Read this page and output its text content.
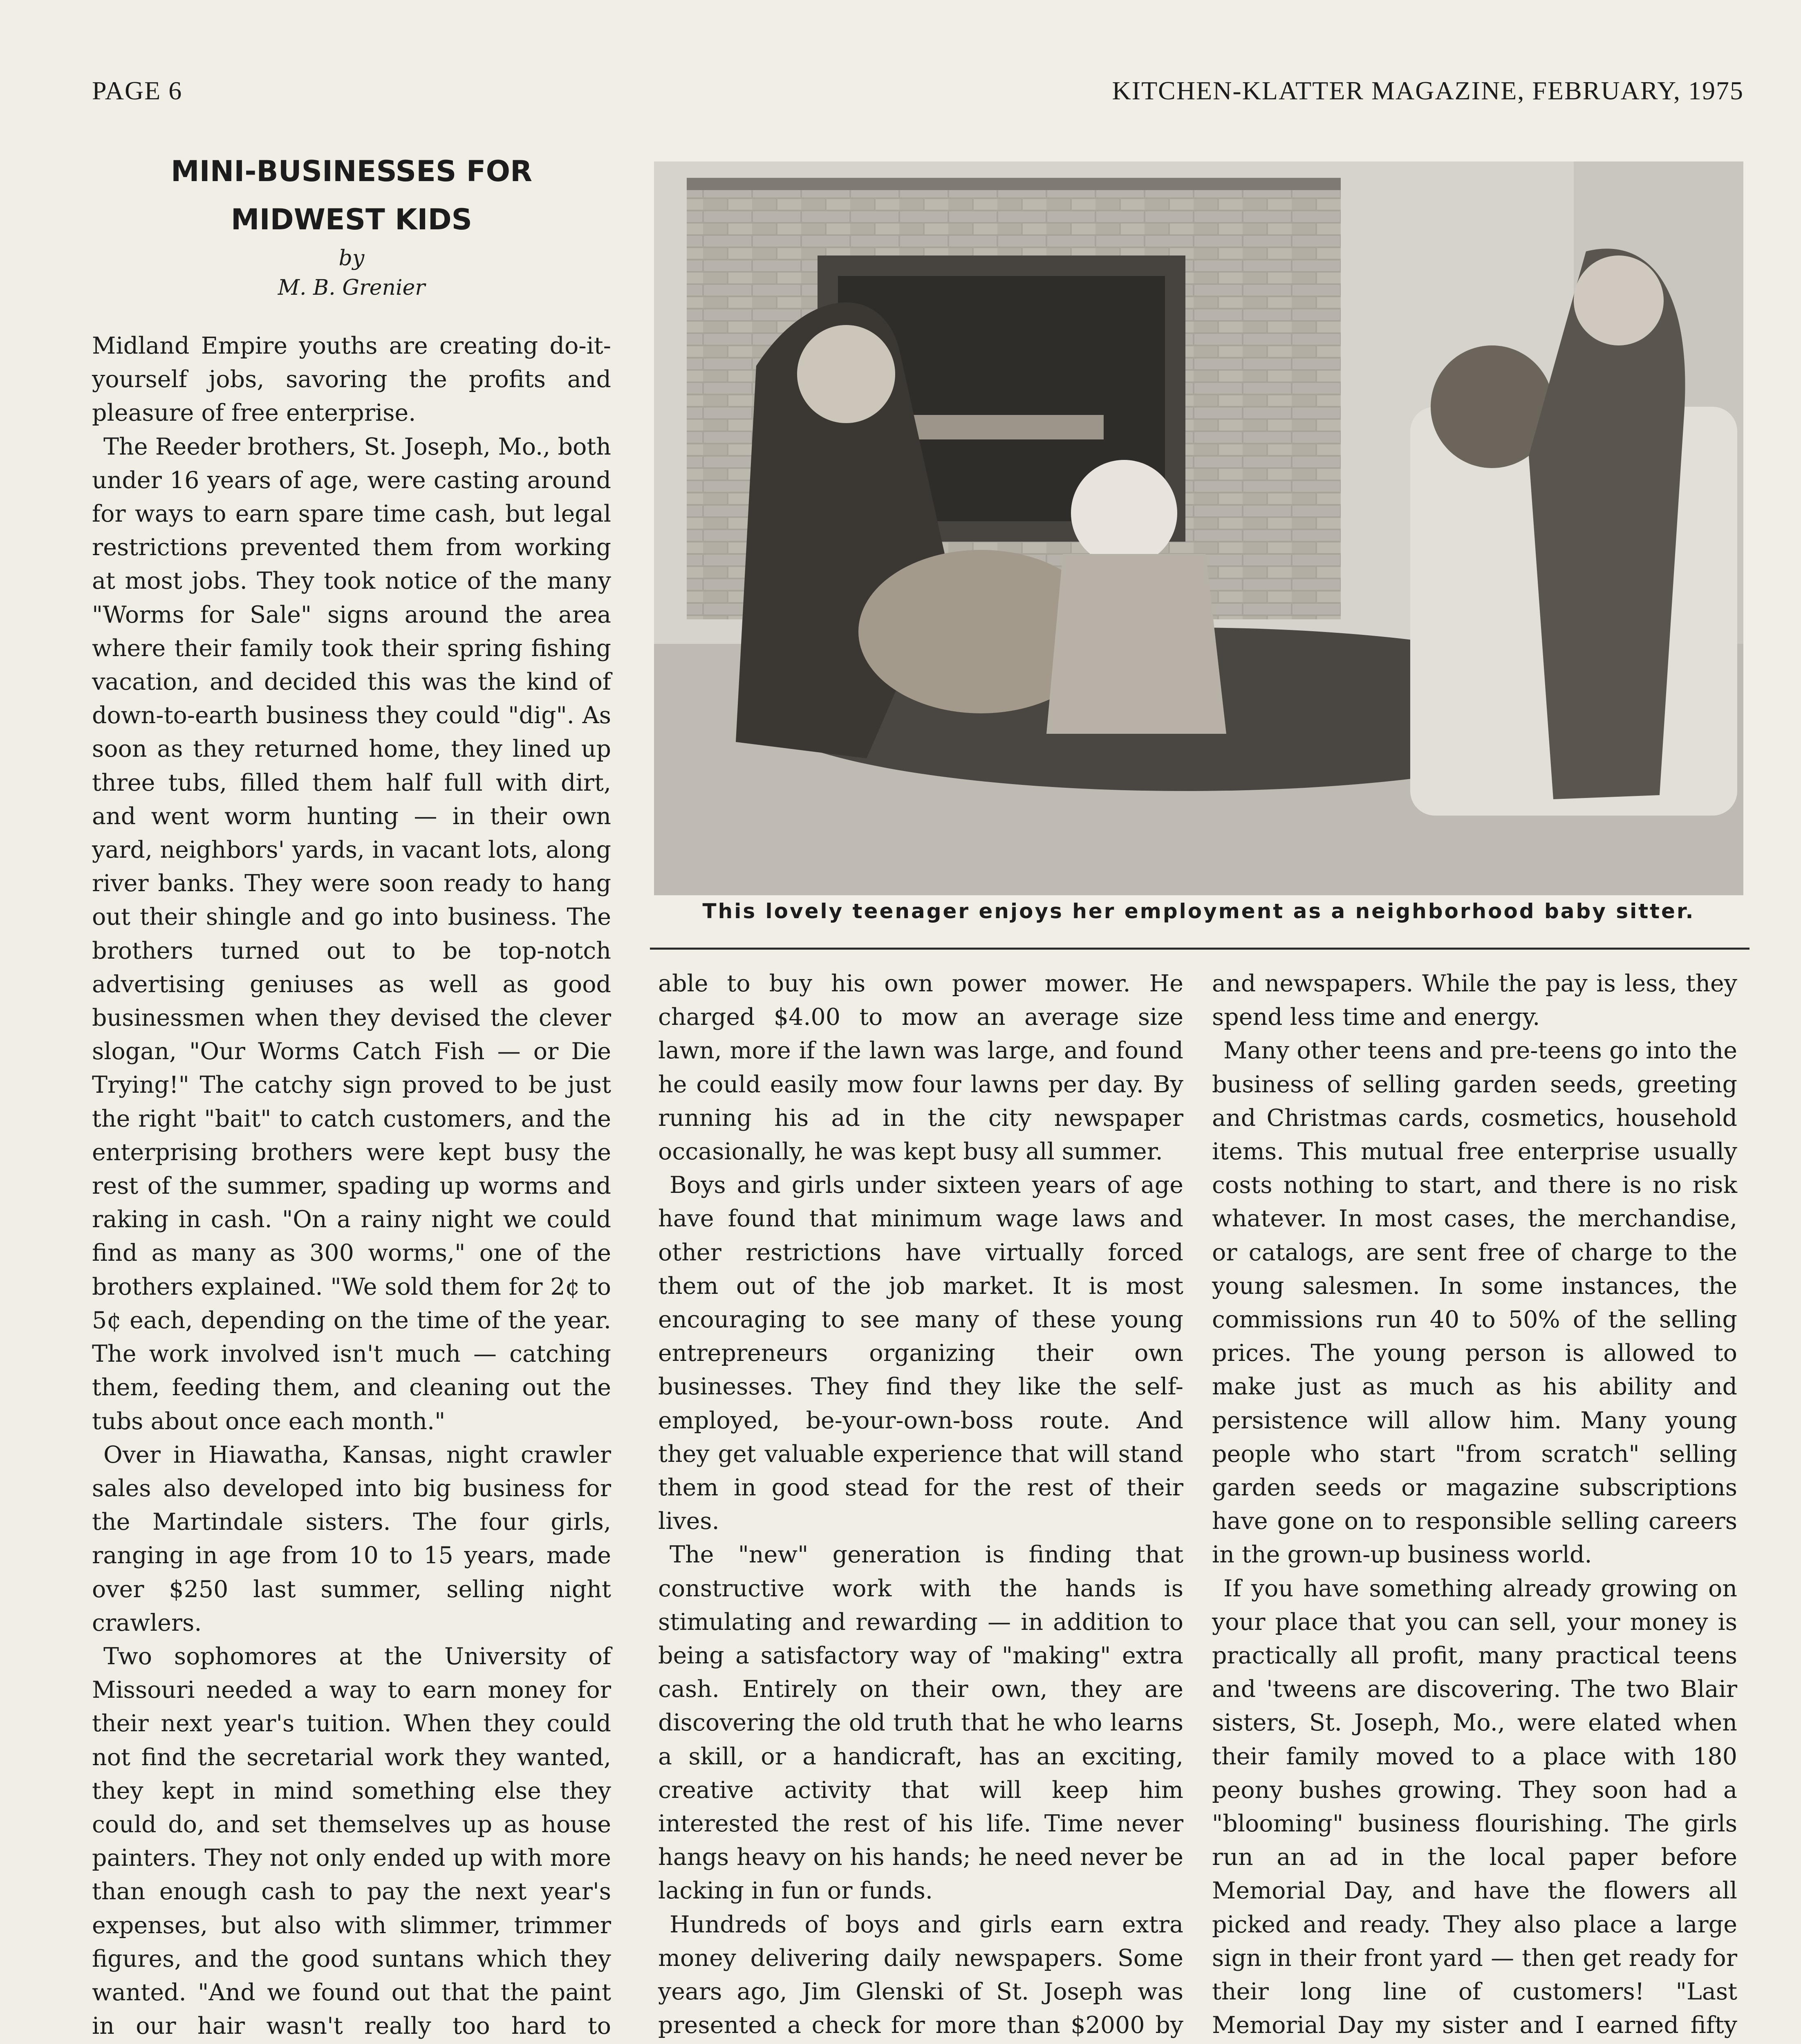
PAGE 6	KITCHEN-KLATTER MAGAZINE, FEBRUARY, 1975
MINI-BUSINESSES FOR MIDWEST KIDS
by
M. B. Grenier

Midland Empire youths are creating do-it-yourself jobs, savoring the profits and pleasure of free enterprise.

The Reeder brothers, St. Joseph, Mo., both under 16 years of age, were casting around for ways to earn spare time cash, but legal restrictions prevented them from working at most jobs. They took notice of the many "Worms for Sale" signs around the area where their family took their spring fishing vacation, and decided this was the kind of down-to-earth business they could "dig". As soon as they returned home, they lined up three tubs, filled them half full with dirt, and went worm hunting — in their own yard, neighbors' yards, in vacant lots, along river banks. They were soon ready to hang out their shingle and go into business. The brothers turned out to be top-notch advertising geniuses as well as good businessmen when they devised the clever slogan, "Our Worms Catch Fish — or Die Trying!" The catchy sign proved to be just the right "bait" to catch customers, and the enterprising brothers were kept busy the rest of the summer, spading up worms and raking in cash. "On a rainy night we could find as many as 300 worms," one of the brothers explained. "We sold them for 2¢ to 5¢ each, depending on the time of the year. The work involved isn't much — catching them, feeding them, and cleaning out the tubs about once each month."

Over in Hiawatha, Kansas, night crawler sales also developed into big business for the Martindale sisters. The four girls, ranging in age from 10 to 15 years, made over $250 last summer, selling night crawlers.

Two sophomores at the University of Missouri needed a way to earn money for their next year's tuition. When they could not find the secretarial work they wanted, they kept in mind something else they could do, and set themselves up as house painters. They not only ended up with more than enough cash to pay the next year's expenses, but also with slimmer, trimmer figures, and the good suntans which they wanted. "And we found out that the paint in our hair wasn't really too hard to

This lovely teenager enjoys her employment as a neighborhood baby sitter.

able to buy his own power mower. He charged $4.00 to mow an average size lawn, more if the lawn was large, and found he could easily mow four lawns per day. By running his ad in the city newspaper occasionally, he was kept busy all summer.

Boys and girls under sixteen years of age have found that minimum wage laws and other restrictions have virtually forced them out of the job market. It is most encouraging to see many of these young entrepreneurs organizing their own businesses. They find they like the self-employed, be-your-own-boss route. And they get valuable experience that will stand them in good stead for the rest of their lives.

The "new" generation is finding that constructive work with the hands is stimulating and rewarding — in addition to being a satisfactory way of "making" extra cash. Entirely on their own, they are discovering the old truth that he who learns a skill, or a handicraft, has an exciting, creative activity that will keep him interested the rest of his life. Time never hangs heavy on his hands; he need never be lacking in fun or funds.

Hundreds of boys and girls earn extra money delivering daily newspapers. Some years ago, Jim Glenski of St. Joseph was presented a check for more than $2000 by

and newspapers. While the pay is less, they spend less time and energy.

Many other teens and pre-teens go into the business of selling garden seeds, greeting and Christmas cards, cosmetics, household items. This mutual free enterprise usually costs nothing to start, and there is no risk whatever. In most cases, the merchandise, or catalogs, are sent free of charge to the young salesmen. In some instances, the commissions run 40 to 50% of the selling prices. The young person is allowed to make just as much as his ability and persistence will allow him. Many young people who start "from scratch" selling garden seeds or magazine subscriptions have gone on to responsible selling careers in the grown-up business world.

If you have something already growing on your place that you can sell, your money is practically all profit, many practical teens and 'tweens are discovering. The two Blair sisters, St. Joseph, Mo., were elated when their family moved to a place with 180 peony bushes growing. They soon had a "blooming" business flourishing. The girls run an ad in the local paper before Memorial Day, and have the flowers all picked and ready. They also place a large sign in their front yard — then get ready for their long line of customers! "Last Memorial Day my sister and I earned fifty
